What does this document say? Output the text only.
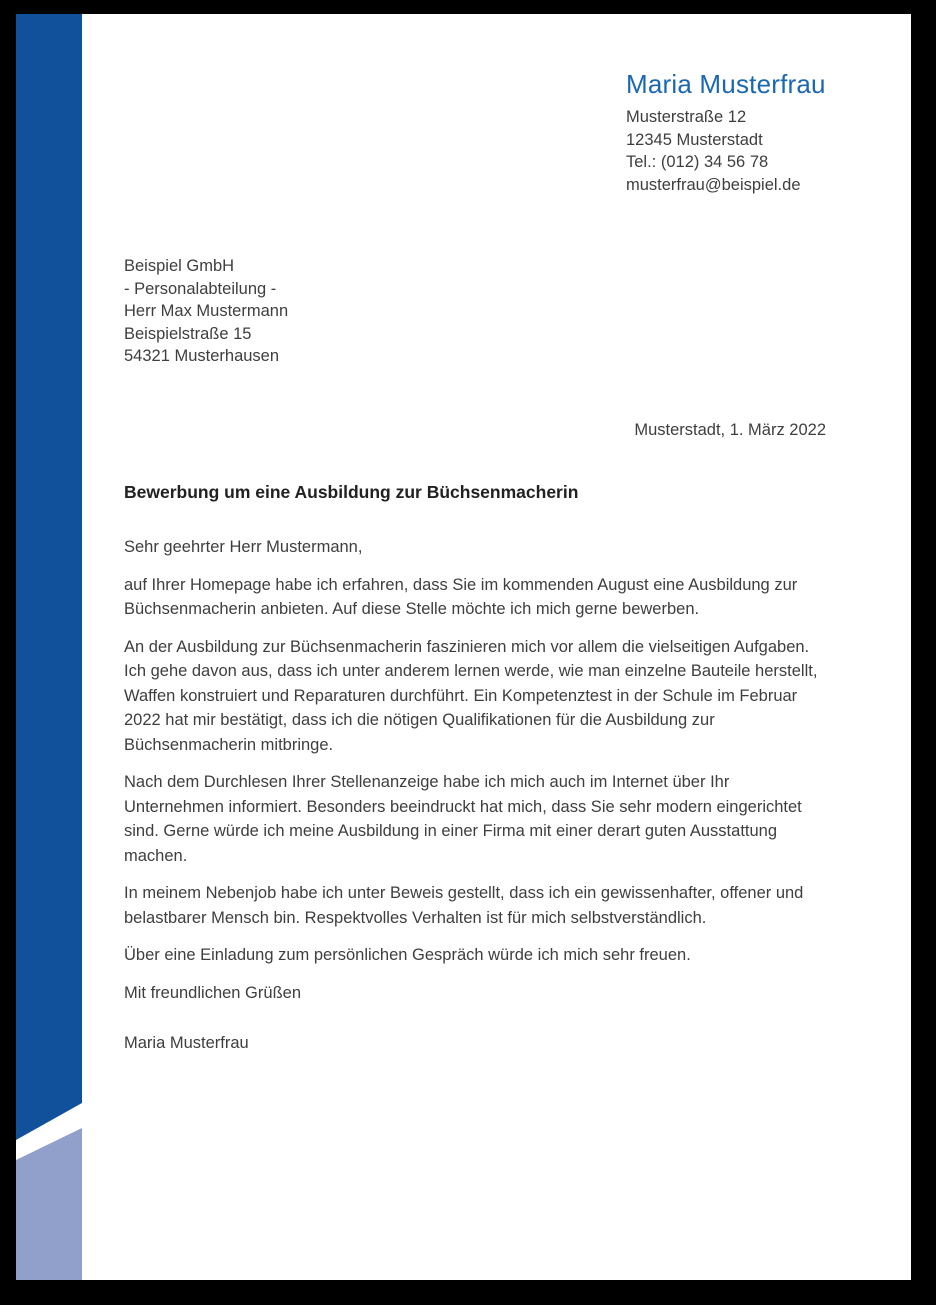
Maria Musterfrau
Musterstraße 12
12345 Musterstadt
Tel.: (012) 34 56 78
musterfrau@beispiel.de
Beispiel GmbH
- Personalabteilung -
Herr Max Mustermann
Beispielstraße 15
54321 Musterhausen
Musterstadt, 1. März 2022
Bewerbung um eine Ausbildung zur Büchsenmacherin

Sehr geehrter Herr Mustermann,

auf Ihrer Homepage habe ich erfahren, dass Sie im kommenden August eine Ausbildung zur Büchsenmacherin anbieten. Auf diese Stelle möchte ich mich gerne bewerben.

An der Ausbildung zur Büchsenmacherin faszinieren mich vor allem die vielseitigen Aufgaben. Ich gehe davon aus, dass ich unter anderem lernen werde, wie man einzelne Bauteile herstellt, Waffen konstruiert und Reparaturen durchführt. Ein Kompetenztest in der Schule im Februar 2022 hat mir bestätigt, dass ich die nötigen Qualifikationen für die Ausbildung zur Büchsenmacherin mitbringe.

Nach dem Durchlesen Ihrer Stellenanzeige habe ich mich auch im Internet über Ihr Unternehmen informiert. Besonders beeindruckt hat mich, dass Sie sehr modern eingerichtet sind. Gerne würde ich meine Ausbildung in einer Firma mit einer derart guten Ausstattung machen.

In meinem Nebenjob habe ich unter Beweis gestellt, dass ich ein gewissenhafter, offener und belastbarer Mensch bin. Respektvolles Verhalten ist für mich selbstverständlich.

Über eine Einladung zum persönlichen Gespräch würde ich mich sehr freuen.

Mit freundlichen Grüßen

Maria Musterfrau
